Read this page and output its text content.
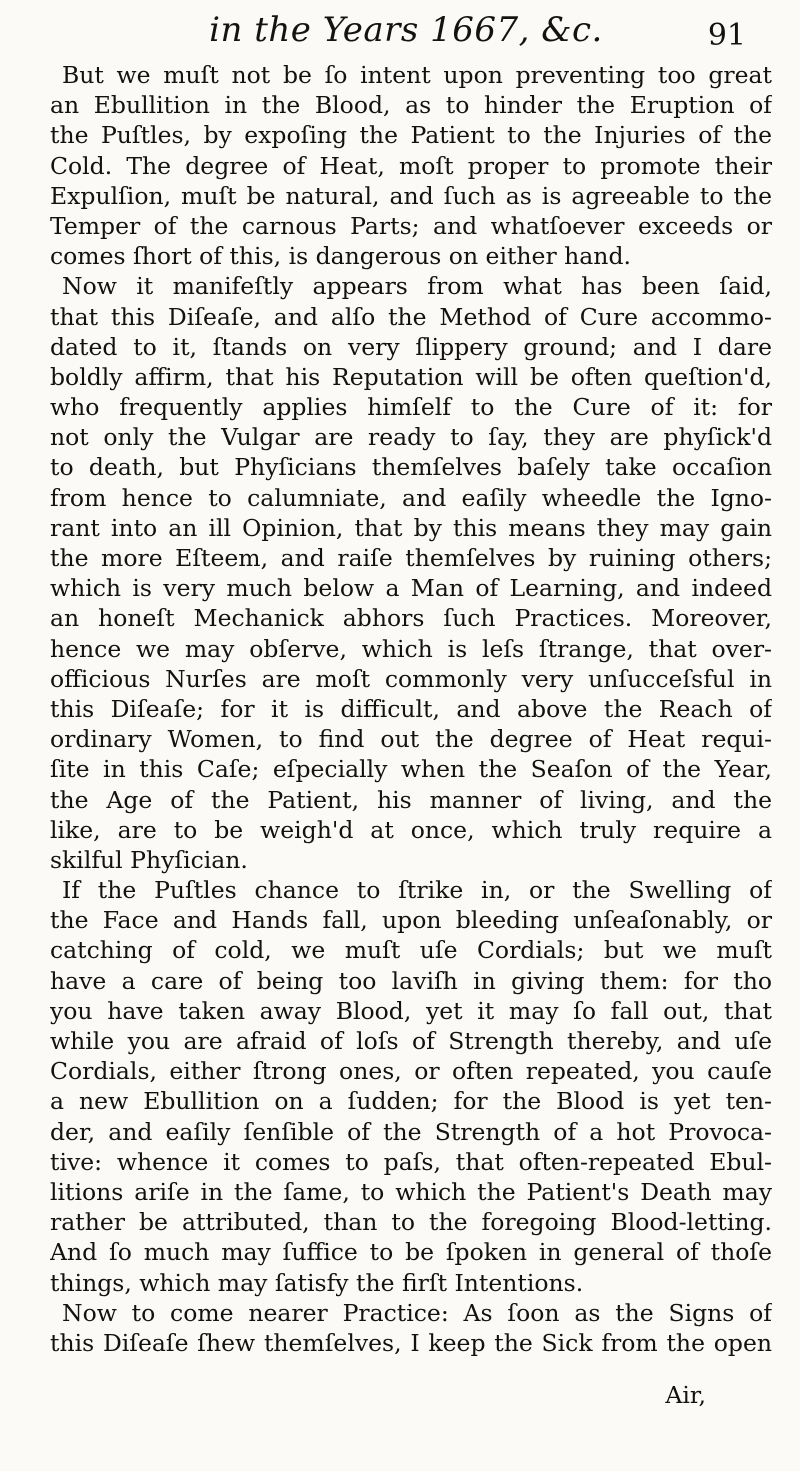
in the Years 1667, &c.	91
But we muſt not be ſo intent upon preventing too great
an Ebullition in the Blood, as to hinder the Eruption of
the Puſtles, by expoſing the Patient to the Injuries of the
Cold. The degree of Heat, moſt proper to promote their
Expulſion, muſt be natural, and ſuch as is agreeable to the
Temper of the carnous Parts; and whatſoever exceeds or
comes ſhort of this, is dangerous on either hand.
Now it manifeſtly appears from what has been ſaid,
that this Diſeaſe, and alſo the Method of Cure accommo-
dated to it, ſtands on very ſlippery ground; and I dare
boldly affirm, that his Reputation will be often queſtion'd,
who frequently applies himſelf to the Cure of it: for
not only the Vulgar are ready to ſay, they are phyſick'd
to death, but Phyſicians themſelves baſely take occaſion
from hence to calumniate, and eaſily wheedle the Igno-
rant into an ill Opinion, that by this means they may gain
the more Eſteem, and raiſe themſelves by ruining others;
which is very much below a Man of Learning, and indeed
an honeſt Mechanick abhors ſuch Practices. Moreover,
hence we may obſerve, which is leſs ſtrange, that over-
officious Nurſes are moſt commonly very unſucceſsful in
this Diſeaſe; for it is difficult, and above the Reach of
ordinary Women, to find out the degree of Heat requi-
ſite in this Caſe; eſpecially when the Seaſon of the Year,
the Age of the Patient, his manner of living, and the
like, are to be weigh'd at once, which truly require a
skilful Phyſician.
If the Puſtles chance to ſtrike in, or the Swelling of
the Face and Hands fall, upon bleeding unſeaſonably, or
catching of cold, we muſt uſe Cordials; but we muſt
have a care of being too laviſh in giving them: for tho
you have taken away Blood, yet it may ſo fall out, that
while you are afraid of loſs of Strength thereby, and uſe
Cordials, either ſtrong ones, or often repeated, you cauſe
a new Ebullition on a ſudden; for the Blood is yet ten-
der, and eaſily ſenſible of the Strength of a hot Provoca-
tive: whence it comes to paſs, that often-repeated Ebul-
litions ariſe in the ſame, to which the Patient's Death may
rather be attributed, than to the foregoing Blood-letting.
And ſo much may ſuffice to be ſpoken in general of thoſe
things, which may ſatisfy the firſt Intentions.
Now to come nearer Practice: As ſoon as the Signs of
this Diſeaſe ſhew themſelves, I keep the Sick from the open
Air,
